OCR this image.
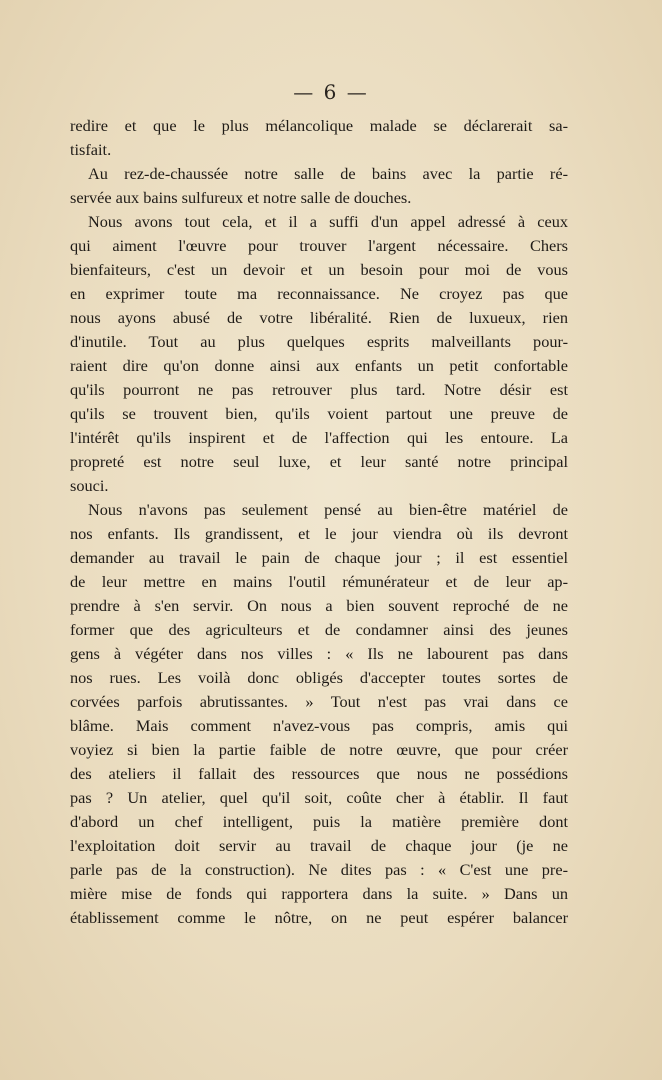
— 6 —
redire et que le plus mélancolique malade se déclarerait sa-
tisfait.
Au rez-de-chaussée notre salle de bains avec la partie ré-
servée aux bains sulfureux et notre salle de douches.
Nous avons tout cela, et il a suffi d'un appel adressé à ceux
qui aiment l'œuvre pour trouver l'argent nécessaire. Chers
bienfaiteurs, c'est un devoir et un besoin pour moi de vous
en exprimer toute ma reconnaissance. Ne croyez pas que
nous ayons abusé de votre libéralité. Rien de luxueux, rien
d'inutile. Tout au plus quelques esprits malveillants pour-
raient dire qu'on donne ainsi aux enfants un petit confortable
qu'ils pourront ne pas retrouver plus tard. Notre désir est
qu'ils se trouvent bien, qu'ils voient partout une preuve de
l'intérêt qu'ils inspirent et de l'affection qui les entoure. La
propreté est notre seul luxe, et leur santé notre principal
souci.
Nous n'avons pas seulement pensé au bien-être matériel de
nos enfants. Ils grandissent, et le jour viendra où ils devront
demander au travail le pain de chaque jour ; il est essentiel
de leur mettre en mains l'outil rémunérateur et de leur ap-
prendre à s'en servir. On nous a bien souvent reproché de ne
former que des agriculteurs et de condamner ainsi des jeunes
gens à végéter dans nos villes : « Ils ne labourent pas dans
nos rues. Les voilà donc obligés d'accepter toutes sortes de
corvées parfois abrutissantes. » Tout n'est pas vrai dans ce
blâme. Mais comment n'avez-vous pas compris, amis qui
voyiez si bien la partie faible de notre œuvre, que pour créer
des ateliers il fallait des ressources que nous ne possédions
pas ? Un atelier, quel qu'il soit, coûte cher à établir. Il faut
d'abord un chef intelligent, puis la matière première dont
l'exploitation doit servir au travail de chaque jour (je ne
parle pas de la construction). Ne dites pas : « C'est une pre-
mière mise de fonds qui rapportera dans la suite. » Dans un
établissement comme le nôtre, on ne peut espérer balancer
